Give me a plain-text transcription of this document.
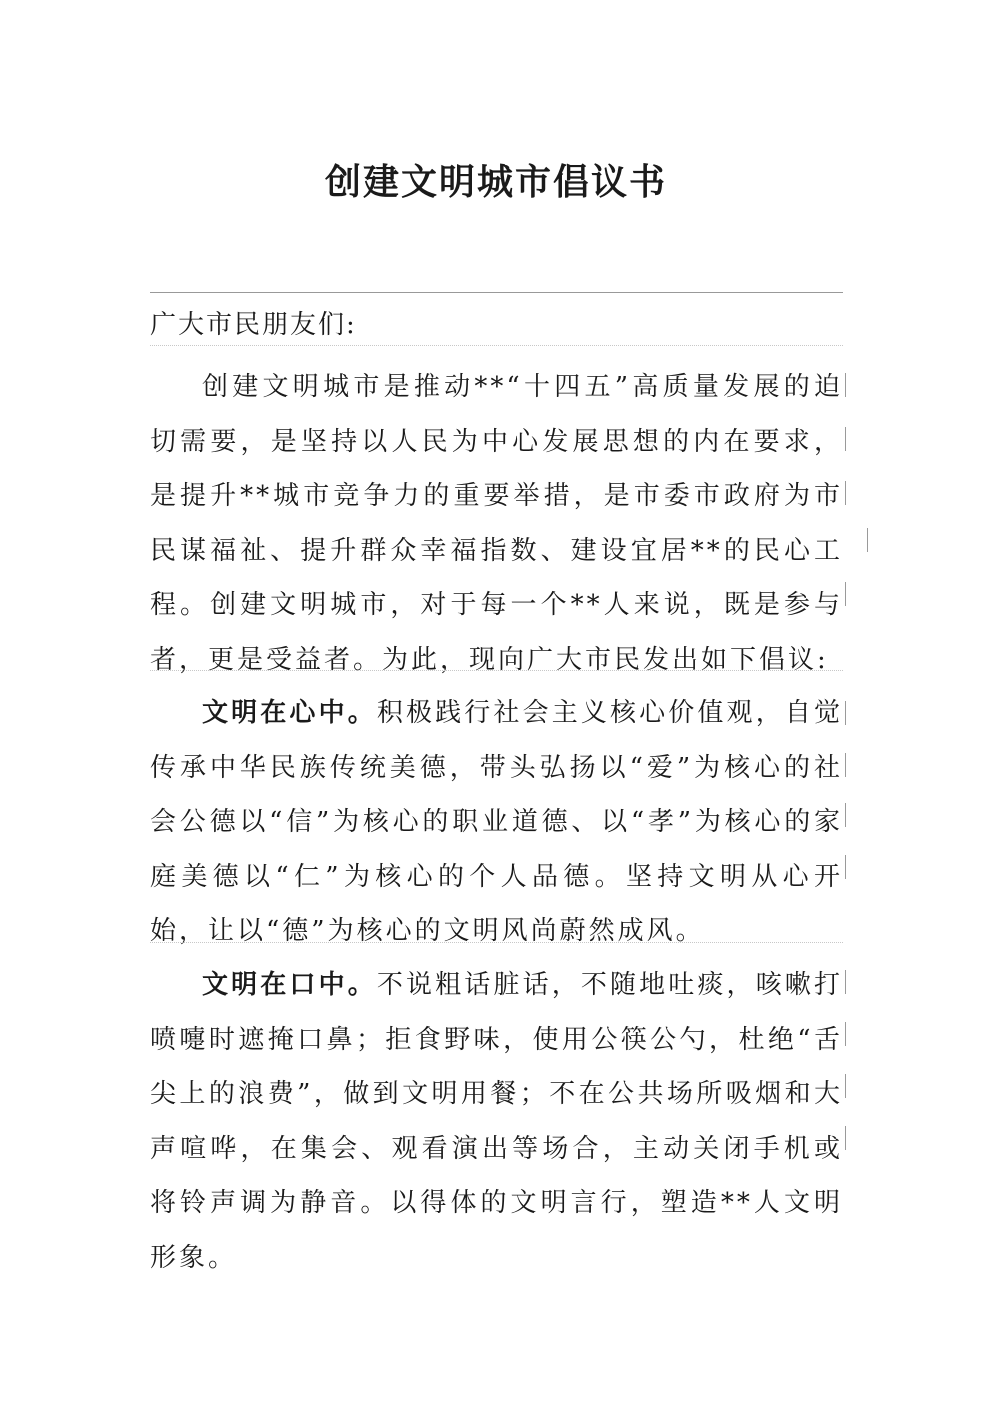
创建文明城市倡议书
广大市民朋友们:
创建文明城市是推动**“十四五”高质量发展的迫切需要，是坚持以人民为中心发展思想的内在要求，是提升**城市竞争力的重要举措，是市委市政府为市民谋福祉、提升群众幸福指数、建设宜居**的民心工程。创建文明城市，对于每一个**人来说，既是参与者，更是受益者。为此，现向广大市民发出如下倡议:
文明在心中。积极践行社会主义核心价值观，自觉传承中华民族传统美德，带头弘扬以“爱”为核心的社会公德以“信”为核心的职业道德、以“孝”为核心的家庭美德以“仁”为核心的个人品德。坚持文明从心开始，让以“德”为核心的文明风尚蔚然成风。
文明在口中。不说粗话脏话，不随地吐痰，咳嗽打喷嚏时遮掩口鼻；拒食野味，使用公筷公勺，杜绝“舌尖上的浪费”，做到文明用餐；不在公共场所吸烟和大声喧哗，在集会、观看演出等场合，主动关闭手机或将铃声调为静音。以得体的文明言行，塑造**人文明形象。
